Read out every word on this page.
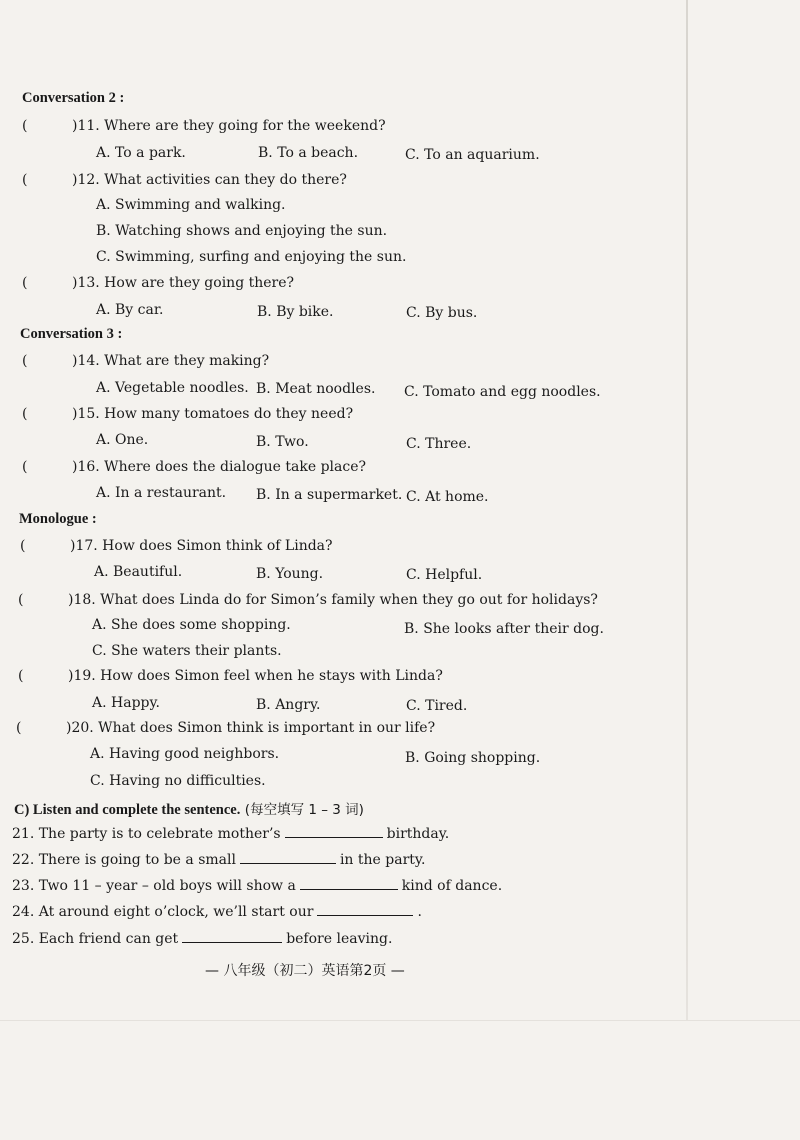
Conversation 2 :
(	)11. Where are they going for the weekend?
A. To a park.	B. To a beach.	C. To an aquarium.
(	)12. What activities can they do there?
A. Swimming and walking.
B. Watching shows and enjoying the sun.
C. Swimming, surfing and enjoying the sun.
(	)13. How are they going there?
A. By car.	B. By bike.	C. By bus.
Conversation 3 :
(	)14. What are they making?
A. Vegetable noodles. B. Meat noodles. C. Tomato and egg noodles.
(	)15. How many tomatoes do they need?
A. One.	B. Two.	C. Three.
(	)16. Where does the dialogue take place?
A. In a restaurant. B. In a supermarket. C. At home.
Monologue :
(	)17. How does Simon think of Linda?
A. Beautiful.	B. Young.	C. Helpful.
(	)18. What does Linda do for Simon’s family when they go out for holidays?
A. She does some shopping.	B. She looks after their dog.
C. She waters their plants.
(	)19. How does Simon feel when he stays with Linda?
A. Happy.	B. Angry.	C. Tired.
(	)20. What does Simon think is important in our life?
A. Having good neighbors.	B. Going shopping.
C. Having no difficulties.
C) Listen and complete the sentence. (每空填写 1 – 3 词)
21. The party is to celebrate mother’s	birthday.
22. There is going to be a small	in the party.
23. Two 11 – year – old boys will show a	kind of dance.
24. At around eight o’clock, we’ll start our	.
25. Each friend can get	before leaving.
— 八年级（初二）英语第2页 —
